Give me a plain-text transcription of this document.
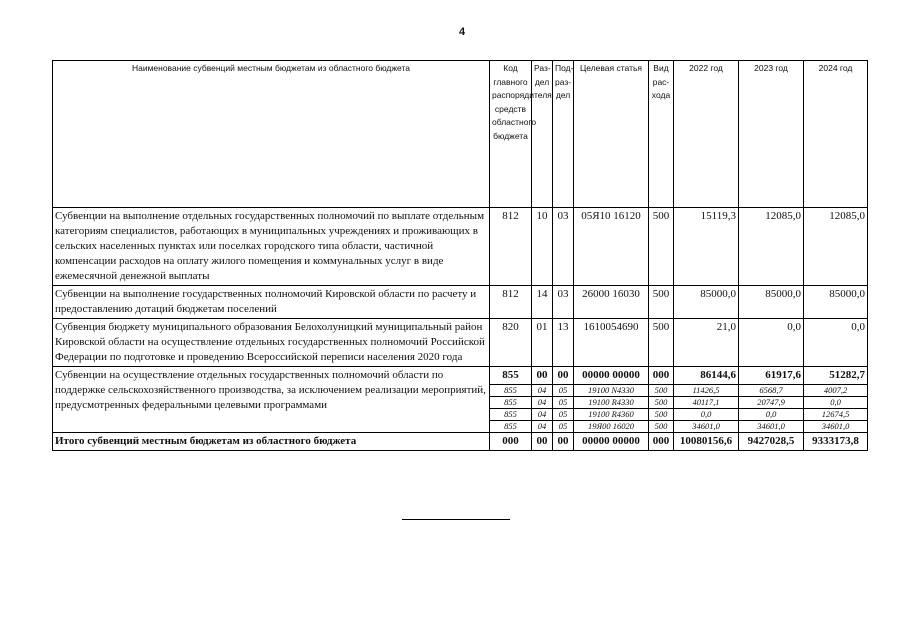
4
Наименование субвенций местным бюджетам из областного бюджета	Код главного распорядителя средств областного бюджета	Раз-дел	Под-раз-дел	Целевая статья	Вид рас-хода	2022 год	2023 год	2024 год
Субвенции на выполнение отдельных государственных полномочий по выплате отдельным категориям специалистов, работающих в муниципальных учреждениях и проживающих в сельских населенных пунктах или поселках городского типа области, частичной компенсации расходов на оплату жилого помещения и коммунальных услуг в виде ежемесячной денежной выплаты	812	10	03	05Я10 16120	500	15119,3	12085,0	12085,0
Субвенции на выполнение государственных полномочий Кировской области по расчету и предоставлению дотаций бюджетам поселений	812	14	03	26000 16030	500	85000,0	85000,0	85000,0
Субвенция бюджету муниципального образования Белохолуницкий муниципальный район Кировской области на осуществление отдельных государственных полномочий Российской Федерации по подготовке и проведению Всероссийской переписи населения 2020 года	820	01	13	1610054690	500	21,0	0,0	0,0
Субвенции на осуществление отдельных государственных полномочий области по поддержке сельскохозяйственного производства, за исключением реализации мероприятий, предусмотренных федеральными целевыми программами	855	00	00	00000 00000	000	86144,6	61917,6	51282,7
	855	04	05	19100 N4330	500	11426,5	6568,7	4007,2
	855	04	05	19100 R4330	500	40117,1	20747,9	0,0
	855	04	05	19100 R4360	500	0,0	0,0	12674,5
	855	04	05	19Я00 16020	500	34601,0	34601,0	34601,0
Итого субвенций местным бюджетам из областного бюджета	000	00	00	00000 00000	000	10080156,6	9427028,5	9333173,8
